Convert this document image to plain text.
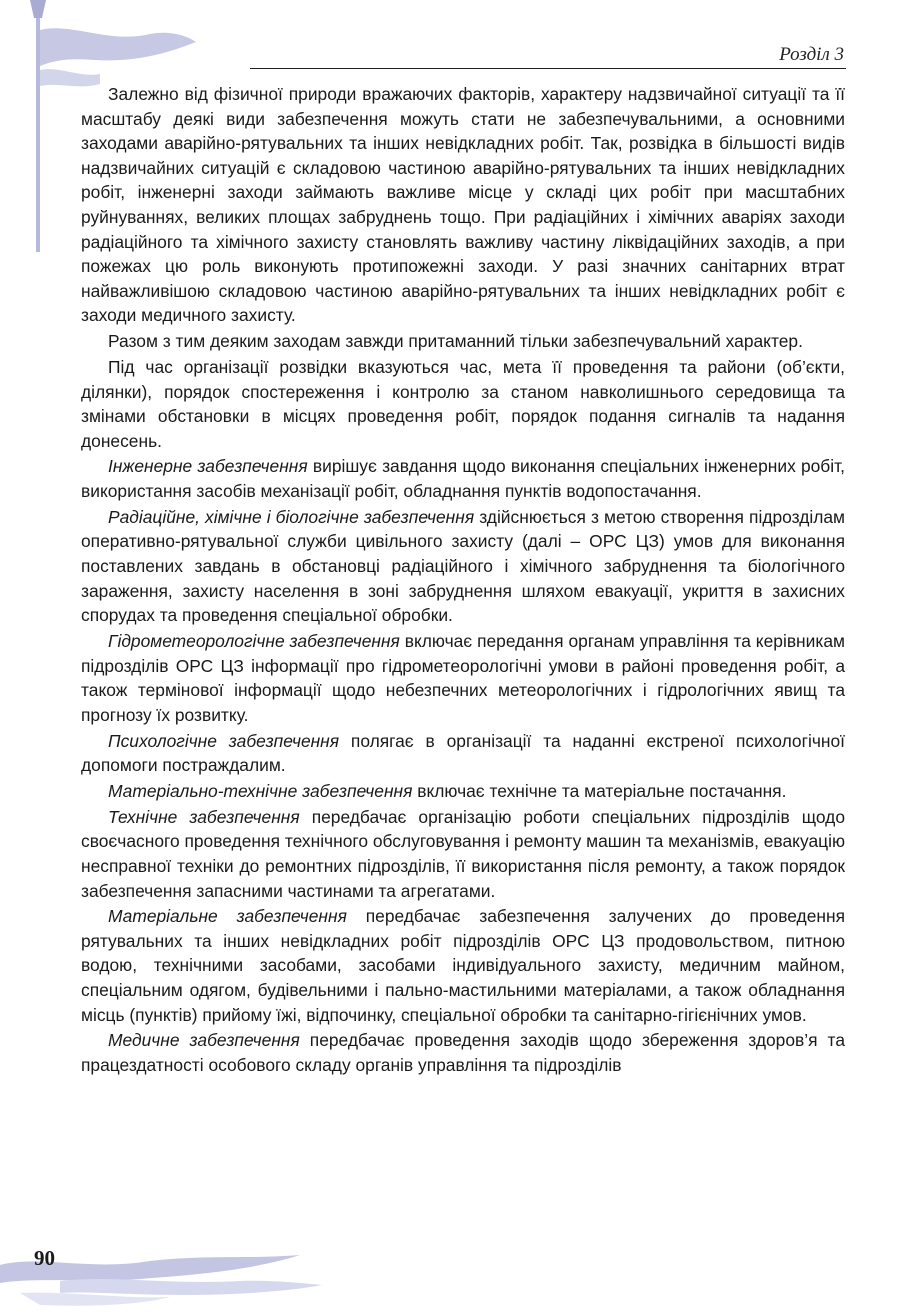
Розділ 3

Залежно від фізичної природи вражаючих факторів, характеру надзвичайної ситуації та її масштабу деякі види забезпечення можуть стати не забезпечувальними, а основними заходами аварійно-рятувальних та інших невідкладних робіт. Так, розвідка в більшості видів надзвичайних ситуацій є складовою частиною аварійно-рятувальних та інших невідкладних робіт, інженерні заходи займають важливе місце у складі цих робіт при масштабних руйнуваннях, великих площах забруднень тощо. При радіаційних і хімічних аваріях заходи радіаційного та хімічного захисту становлять важливу частину ліквідаційних заходів, а при пожежах цю роль виконують протипожежні заходи. У разі значних санітарних втрат найважливішою складовою частиною аварійно-рятувальних та інших невідкладних робіт є заходи медичного захисту.

Разом з тим деяким заходам завжди притаманний тільки забезпечувальний характер.

Під час організації розвідки вказуються час, мета її проведення та райони (об’єкти, ділянки), порядок спостереження і контролю за станом навколишнього середовища та змінами обстановки в місцях проведення робіт, порядок подання сигналів та надання донесень.

Інженерне забезпечення вирішує завдання щодо виконання спеціальних інженерних робіт, використання засобів механізації робіт, обладнання пунктів водопостачання.

Радіаційне, хімічне і біологічне забезпечення здійснюється з метою створення підрозділам оперативно-рятувальної служби цивільного захисту (далі – ОРС ЦЗ) умов для виконання поставлених завдань в обстановці радіаційного і хімічного забруднення та біологічного зараження, захисту населення в зоні забруднення шляхом евакуації, укриття в захисних спорудах та проведення спеціальної обробки.

Гідрометеорологічне забезпечення включає передання органам управління та керівникам підрозділів ОРС ЦЗ інформації про гідрометеорологічні умови в районі проведення робіт, а також термінової інформації щодо небезпечних метеорологічних і гідрологічних явищ та прогнозу їх розвитку.

Психологічне забезпечення полягає в організації та наданні екстреної психологічної допомоги постраждалим.

Матеріально-технічне забезпечення включає технічне та матеріальне постачання.

Технічне забезпечення передбачає організацію роботи спеціальних підрозділів щодо своєчасного проведення технічного обслуговування і ремонту машин та механізмів, евакуацію несправної техніки до ремонтних підрозділів, її використання після ремонту, а також порядок забезпечення запасними частинами та агрегатами.

Матеріальне забезпечення передбачає забезпечення залучених до проведення рятувальних та інших невідкладних робіт підрозділів ОРС ЦЗ продовольством, питною водою, технічними засобами, засобами індивідуального захисту, медичним майном, спеціальним одягом, будівельними і пально-мастильними матеріалами, а також обладнання місць (пунктів) прийому їжі, відпочинку, спеціальної обробки та санітарно-гігієнічних умов.

Медичне забезпечення передбачає проведення заходів щодо збереження здоров’я та працездатності особового складу органів управління та підрозділів

90
